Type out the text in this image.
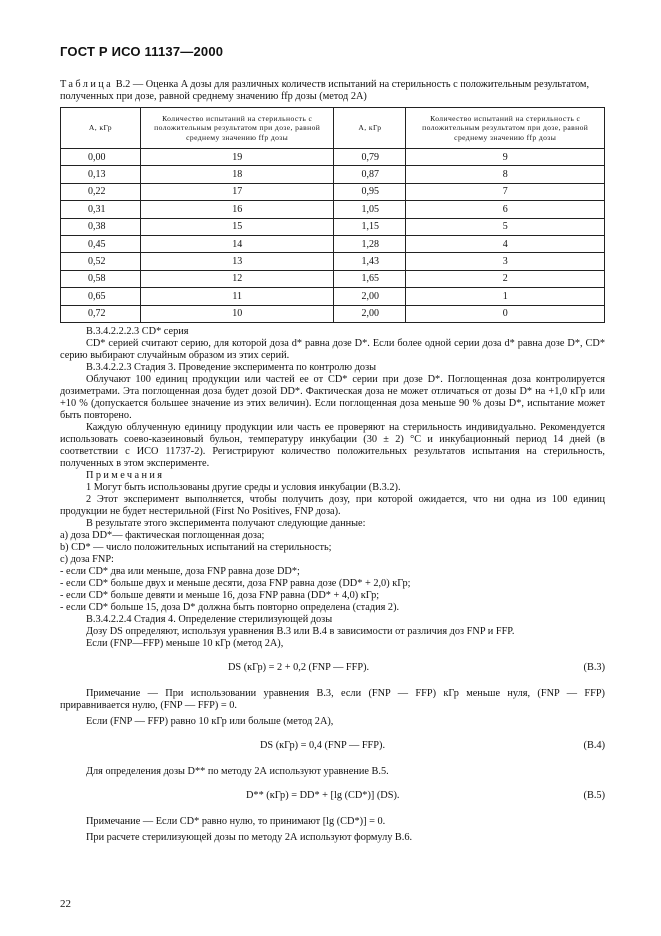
ГОСТ Р ИСО 11137—2000
Таблица В.2 — Оценка A дозы для различных количеств испытаний на стерильность с положительным результатом, полученных при дозе, равной среднему значению ffp дозы (метод 2А)
A, кГр	Количество испытаний на стерильность с положительным результатом при дозе, равной среднему значению ffp дозы	A, кГр	Количество испытаний на стерильность с положительным результатом при дозе, равной среднему значению ffp дозы
0,00	19	0,79	9
0,13	18	0,87	8
0,22	17	0,95	7
0,31	16	1,05	6
0,38	15	1,15	5
0,45	14	1,28	4
0,52	13	1,43	3
0,58	12	1,65	2
0,65	11	2,00	1
0,72	10	2,00	0

В.3.4.2.2.2.3 CD* серия

CD* серией считают серию, для которой доза d* равна дозе D*. Если более одной серии доза d* равна дозе D*, CD* серию выбирают случайным образом из этих серий.

В.3.4.2.2.3 Стадия 3. Проведение эксперимента по контролю дозы

Облучают 100 единиц продукции или частей ее от CD* серии при дозе D*. Поглощенная доза контролируется дозиметрами. Эта поглощенная доза будет дозой DD*. Фактическая доза не может отличаться от дозы D* на +1,0 кГр или +10 % (допускается большее значение из этих величин). Если поглощенная доза меньше 90 % дозы D*, испытание может быть повторено.

Каждую облученную единицу продукции или часть ее проверяют на стерильность индивидуально. Рекомендуется использовать соево-казеиновый бульон, температуру инкубации (30 ± 2) °С и инкубационный период 14 дней (в соответствии с ИСО 11737-2). Регистрируют количество положительных результатов испытания на стерильность, полученных в этом эксперименте.

Примечания

1 Могут быть использованы другие среды и условия инкубации (В.3.2).

2 Этот эксперимент выполняется, чтобы получить дозу, при которой ожидается, что ни одна из 100 единиц продукции не будет нестерильной (First No Positives, FNP доза).

В результате этого эксперимента получают следующие данные:

а) доза DD*— фактическая поглощенная доза;

b) CD* — число положительных испытаний на стерильность;

с) доза FNP:

- если CD* два или меньше, доза FNP равна дозе DD*;

- если CD* больше двух и меньше десяти, доза FNP равна дозе (DD* + 2,0) кГр;

- если CD* больше девяти и меньше 16, доза FNP равна (DD* + 4,0) кГр;

- если CD* больше 15, доза D* должна быть повторно определена (стадия 2).

В.3.4.2.2.4 Стадия 4. Определение стерилизующей дозы

Дозу DS определяют, используя уравнения В.3 или В.4 в зависимости от различия доз FNP и FFP.

Если (FNP—FFP) меньше 10 кГр (метод 2А),

DS (кГр) = 2 + 0,2 (FNP — FFP).	(В.3)

Примечание — При использовании уравнения В.3, если (FNP — FFP) кГр меньше нуля, (FNP — FFP) приравнивается нулю, (FNP — FFP) = 0.

Если (FNP — FFP) равно 10 кГр или больше (метод 2А),

DS (кГр) = 0,4 (FNP — FFP).	(В.4)

Для определения дозы D** по методу 2А используют уравнение В.5.

D** (кГр) = DD* + [lg (CD*)] (DS).	(В.5)

Примечание — Если CD* равно нулю, то принимают [lg (CD*)] = 0.

При расчете стерилизующей дозы по методу 2А используют формулу В.6.

22
